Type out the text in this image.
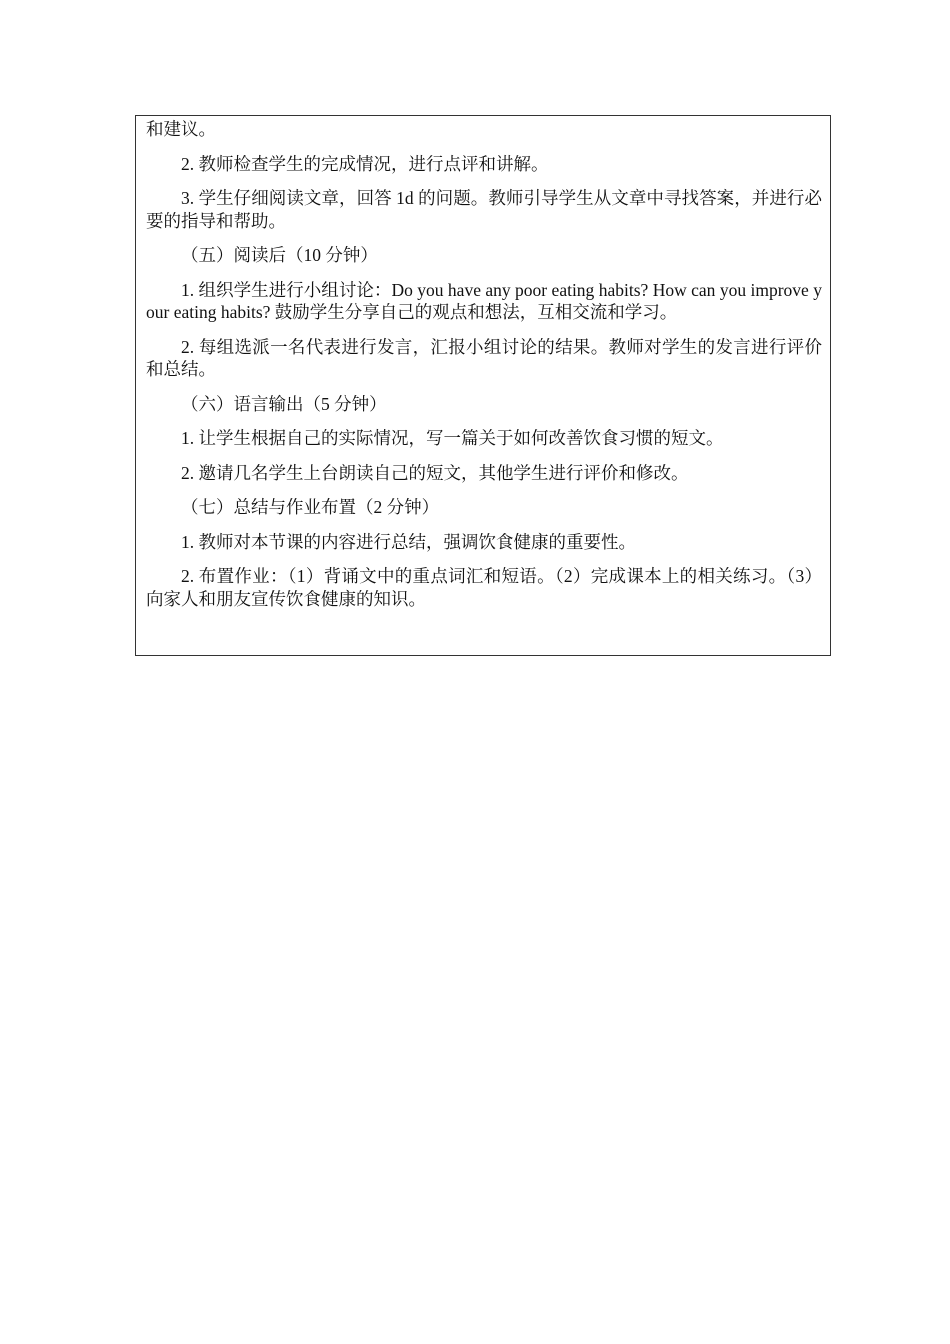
和建议。

2. 教师检查学生的完成情况，进行点评和讲解。

3. 学生仔细阅读文章，回答 1d 的问题。教师引导学生从文章中寻找答案，并进行必要的指导和帮助。

（五）阅读后（10 分钟）

1. 组织学生进行小组讨论：Do you have any poor eating habits? How can you improve your eating habits? 鼓励学生分享自己的观点和想法，互相交流和学习。

2. 每组选派一名代表进行发言，汇报小组讨论的结果。教师对学生的发言进行评价和总结。

（六）语言输出（5 分钟）

1. 让学生根据自己的实际情况，写一篇关于如何改善饮食习惯的短文。

2. 邀请几名学生上台朗读自己的短文，其他学生进行评价和修改。

（七）总结与作业布置（2 分钟）

1. 教师对本节课的内容进行总结，强调饮食健康的重要性。

2. 布置作业：（1）背诵文中的重点词汇和短语。（2）完成课本上的相关练习。（3）向家人和朋友宣传饮食健康的知识。
